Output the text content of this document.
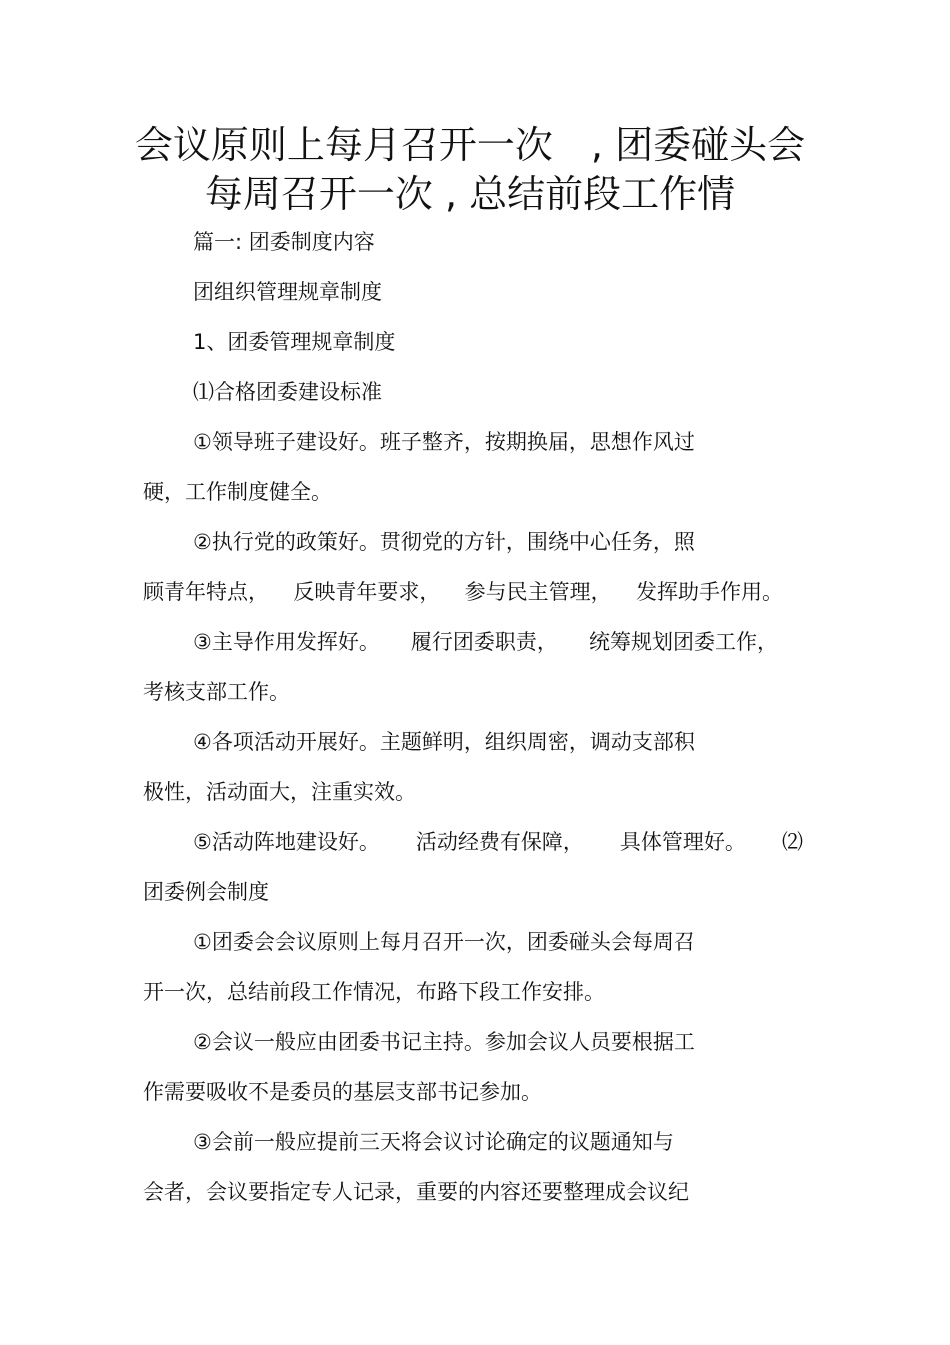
会议原则上每月召开一次　, 团委碰头会
每周召开一次 , 总结前段工作情
篇一: 团委制度内容
团组织管理规章制度
1、团委管理规章制度
⑴合格团委建设标准
①领导班子建设好。班子整齐，按期换届，思想作风过
硬，工作制度健全。
②执行党的政策好。贯彻党的方针，围绕中心任务，照
顾青年特点， 反映青年要求， 参与民主管理， 发挥助手作用。
③主导作用发挥好。 履行团委职责， 统筹规划团委工作，
考核支部工作。
④各项活动开展好。主题鲜明，组织周密，调动支部积
极性，活动面大，注重实效。
⑤活动阵地建设好。 活动经费有保障， 具体管理好。 ⑵
团委例会制度
①团委会会议原则上每月召开一次，团委碰头会每周召
开一次，总结前段工作情况，布路下段工作安排。
②会议一般应由团委书记主持。参加会议人员要根据工
作需要吸收不是委员的基层支部书记参加。
③会前一般应提前三天将会议讨论确定的议题通知与
会者，会议要指定专人记录，重要的内容还要整理成会议纪
